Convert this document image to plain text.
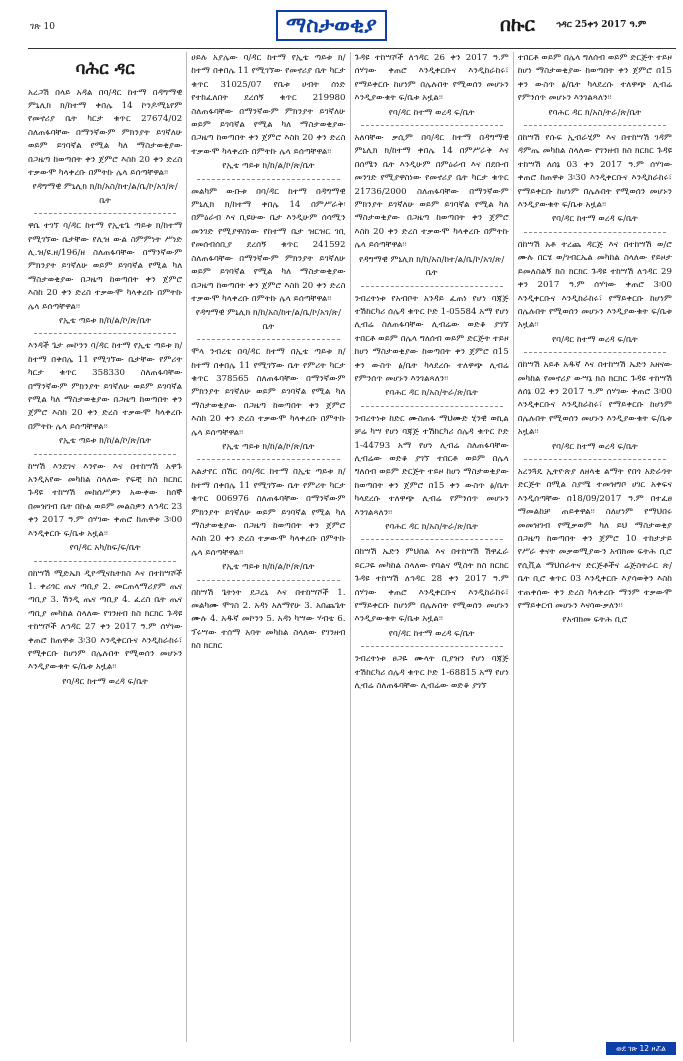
ገጽ 10	ማስታወቂያ	በኩር ኅዳር 25ቀን 2017 ዓ.ም
ባሕር ዳር
አረጋሽ በላይ አዳል በባ/ዳር ከተማ በዳግማዊ ምኒሊክ ክ/ከተማ ቀበሌ 14 ኮንዶሚኒየም የመኖሪያ ቤት ካርታ ቁጥር 27674/02 ስለጠፋባቸው በማንኛውም ምክንያት ይገኛለሁ ወይም ይገባኛል የሚል ካለ ማስታወቂያው በጋዜጣ ከወጣበት ቀን ጀምሮ እስከ 20 ቀን ድረስ ተቃውሞ ካላቀረቡ በምትኩ ሌላ ይሰጣቸዋል፡፡
የዳግማዊ ምኒሊክ ክ/ከ/አስ/ከተ/ል/ቤ/ኮ/አገ/ጽ/ቤት
ዋሴ ተገኘ ባ/ዳር ከተማ የኢቴጌ ጣይቱ ክ/ከተማ የሚገኘው ቤታቸው የሊዝ ውል ስምምነት ሥነድ ሊ.ዝ/ዩ.ዘ/196/ዘ ስለጠፋባቸው በማንኛውም ምክንያት ይገኛለሁ ወይም ይገባኛል የሚል ካለ ማስታወቂያው በጋዜጣ ከወጣበት ቀን ጀምሮ እስከ 20 ቀን ድረስ ተቃውሞ ካላቀረቡ በምትኩ ሌላ ይሰጣቸዋል፡፡
የኢቴ ጣይቱ ክ/ከ/ል/ኮ/ጽ/ቤት
እንዳች ጌታ መኮንን ባ/ዳር ከተማ የኢቴ ጣይቱ ክ/ከተማ በቀበሌ 11 የሚገኘው ቤታቸው የምሪት ካርታ ቁጥር 358330 ስለጠፋባቸው በማንኛውም ምክንያት ይገኛለሁ ወይም ይገባኛል የሚል ካለ ማስታወቂያው በጋዜጣ ከወጣበት ቀን ጀምሮ እስከ 20 ቀን ድረስ ተቃውሞ ካላቀረቡ በምትኩ ሌላ ይሰጣቸዋል፡፡
የኢቴ ጣይቱ ክ/ከ/ል/ኮ/ጽ/ቤት
ከሣሽ እንደገና እንየው እና በተከሣሽ አዋጉ አንዲአየው መካከል ስላለው የፍቺ ክስ ክርክር ጉዳዩ ተከሣሽ መከሰሥዎን አውቀው ከሰኞ በመዝገብ ቤት በኩል ወይም መልስዎን ለኅዳር 23 ቀን 2017 ዓ.ም ሰሃገው ቀጠሮ ከጠዋቱ 3፡00 እንዲቀርቡ ፍ/ቤቱ አዟል፡፡
የባ/ዳር አካ/ከፍ/ፍ/ቤት
በከሣሽ ሚድኤክ ዲዮሚናኬትክስ እና በተከሣሾች 1. ቀሪጎር ጤና ጣቢያ 2. መርጠላማሪያም ጤና ጣቢያ 3. ሽንዲ ጤና ጣቢያ 4. ፈረስ ቤት ጤና ጣቢያ መካከል ስላለው የገንዘብ ክስ ክርክር ጉዳዩ ተከሣሾች ለኅዳር 27 ቀን 2017 ዓ.ም ሰሃገው ቀጠሮ ከጠዋቱ 3፡30 እንዲቀርቡና እንዲከራከሩ፣ የሚቀርቡ ከሆነም በሌሉበት የሚወሰን መሆኑን እንዲያውቁት ፍ/ቤቱ አዟል፡፡
የባ/ዳር ከተማ ወረዳ ፍ/ቤት
ሀይሉ አያሌው ባ/ዳር ከተማ የኢቴ ጣይቱ ክ/ከተማ በቀበሌ 11 የሚገኘው የመኖሪያ ቤት ካርታ ቁጥር 31025/07 የቤቱ ሀብት ሰነድ የተከፈለበት ደረሰኝ ቁጥር 219980 ስለጠፋባቸው በማንኛውም ምክንያት ይገኛለሁ ወይም ይገባኛል የሚል ካለ ማስታወቂያው በጋዜጣ ከወጣበት ቀን ጀምሮ እስከ 20 ቀን ድረስ ተቃውሞ ካላቀረቡ በምትኩ ሌላ ይሰጣቸዋል፡፡
የኢቴ ጣይቱ ክ/ከ/ል/ኮ/ጽ/ቤት
መልካም ውቡቱ በባ/ዳር ከተማ በዳግማዊ ምኒሊክ ክ/ከተማ ቀበሌ 14 በምሥራቅ፡ በምዕራብ እና ቢዩሁው ቤታ እንዲሁም ሰሳሚን መንገድ የሚያዋስነው የከተማ ቤታ ዝርዝር ገቢ የመሰብሰቢያ ደረሰኝ ቁጥር 241592 ስለጠፋባቸው በማንኛውም ምክንያት ይገኛለሁ ወይም ይገባኛል የሚል ካለ ማስታወቂያው በጋዜጣ ከወጣበት ቀን ጀምሮ እስከ 20 ቀን ድረስ ተቃውሞ ካላቀረቡ በምትኩ ሌላ ይሰጣቸዋል፡፡
የዳግማዊ ምኒሊክ ክ/ከ/አስ/ከተ/ል/ቤ/ኮ/አገ/ጽ/ቤት
ሞላ ንብረቴ በባ/ዳር ከተማ በኢቴ ጣይቱ ክ/ከተማ በቀበሌ 11 የሚገኘው ቤት የምሪት ካርታ ቁጥር 378565 ስለጠፋባቸው በማንኛውም ምክንያት ይገኛለሁ ወይም ይገባኛል የሚል ካለ ማስታወቂያው በጋዜጣ ከወጣበት ቀን ጀምሮ እስከ 20 ቀን ድረስ ተቃውሞ ካላቀረቡ በምትኩ ሌላ ይሰጣቸዋል፡፡
የኢቴ ጣይቱ ክ/ከ/ል/ኮ/ጽ/ቤት
አልታየር በሽር በባ/ዳር ከተማ በኢቴ ጣይቱ ክ/ከተማ በቀበሌ 11 የሚገኘው ቤት የምሪት ካርታ ቁጥር 006976 ስለጠፋባቸው በማንኛውም ምክንያት ይገኛለሁ ወይም ይገባኛል የሚል ካለ ማስታወቂያው በጋዜጣ ከወጣበት ቀን ጀምሮ እስከ 20 ቀን ድረስ ተቃውሞ ካላቀረቡ በምትኩ ሌላ ይሰጣቸዋል፡፡
የኢቴ ጣይቱ ክ/ከ/ል/ኮ/ጽ/ቤት
በከሣሽ ጌትነት ደጋረኒ እና በተከሣሾች 1. መልካሙ ሞገስ 2. አዳነ አለማየሁ 3. አበጨጌት ሙሉ 4. አዱኛ መኮንን 5. አዳነ ካሣው ሃብቴ 6. ፕሩሣው ተሰማ አባት መካከል ስላለው የገንዘብ ክስ ክርክር
ጉዳዩ ተከሣሾች ለኅዳር 26 ቀን 2017 ዓ.ም ሰሃገው ቀጠሮ እንዲቀርቡና እንዲከራከሩ፣ የማይቀርቡ ከሆነም በሌሉበት የሚወሰን መሆኑን እንዲያውቁት ፍ/ቤቱ አዟል፡፡
የባ/ዳር ከተማ ወረዳ ፍ/ቤት
አለባቸው ቃሲም በባ/ዳር ከተማ በዳግማዊ ምኒሊክ ክ/ከተማ ቀበሌ 14 በምሥራቅ እና በሰሜን ቤት እንዲሁም በምዕራብ እና በደቡብ መንገድ የሚያዋስነው የመኖሪያ ቤት ካርታ ቁጥር 21736/2000 ስለጠፋባቸው በማንኛውም ምክንያት ይገኛለሁ ወይም ይገባኛል የሚል ካለ ማስታወቂያው በጋዜጣ ከወጣበት ቀን ጀምሮ እስከ 20 ቀን ድረስ ተቃውሞ ካላቀረቡ በምትኩ ሌላ ይሰጣቸዋል፡፡
የዳግማዊ ምኒሊክ ክ/ከ/አስ/ከተ/ል/ቤ/ኮ/አገ/ጽ/ቤት
ንብረትነቱ የአብቦት አንዳይ ፈጠነ የሆነ ባጃጅ ተሽከርካሪ ሰሌዳ ቁጥር ኮድ 1-05584 አማ የሆነ ሊብሬ ስለጠፋባቸው ሊብሬው ወድቆ ያገኘ ተበርቶ ወይም በሌላ ግለሰብ ወይም ድርጅት ተይዞ ከሆነ ማስታወቂያው ከወጣበት ቀን ጀምሮ በ15 ቀን ውስጥ ፅ/ቤት ካላደረሱ ተለዋጭ ሊብሬ የምንሰጥ መሆኑን እንገልጻለን፡፡
የባሕር ዳር ክ/አስ/ትራ/ጽ/ቤት
ንብረትነቱ ከድር ሙስጠፋ ማህሙድ ሂንዊ ወኪል ቻሬ ካሣ የሆነ ባጃጅ ተሽከርካሪ ሰሌዳ ቁጥር ኮድ 1-44793 አማ የሆነ ሊብሬ ስለጠፋባቸው ሊብሬው ወድቆ ያገኘ ተበርቶ ወይም በሌላ ግለሰብ ወይም ድርጅት ተይዞ ከሆነ ማስታወቂያው ከወጣበት ቀን ጀምሮ በ15 ቀን ውስጥ ፅ/ቤት ካላደረሱ ተለዋጭ ሊብሬ የምንሰጥ መሆኑን እንገልጻለን፡፡
የባሕር ዳር ክ/አስ/ትራ/ጽ/ቤት
በከሣሽ ኤድን ምህበል እና በተከሣሽ ሽዋፈራ ይርጋዬ መካከል ስላለው የባልና ሚስት ክስ ክርክር ጉዳዩ ተከሣሽ ለኅዳር 28 ቀን 2017 ዓ.ም ሰሃገው ቀጠሮ እንዲቀርቡና እንዲከራከሩ፣ የማይቀርቡ ከሆነም በሌሉበት የሚወሰን መሆኑን እንዲያውቁት ፍ/ቤቱ አዟል፡፡
የባ/ዳር ከተማ ወረዳ ፍ/ቤት
ንብረትነቱ ፀጋዬ ሙላት ቢያዝን የሆነ ባጃጅ ተሽከርካሪ ሰሌዳ ቁጥር ኮድ 1-68815 አማ የሆነ ሊብሬ ስለጠፋባቸው ሊብሬው ወድቆ ያገኘ
ተበርቶ ወይም በሌላ ግለሰብ ወይም ድርጅት ተይዞ ከሆነ ማስታወቂያው ከወጣበት ቀን ጀምሮ በ15 ቀን ውስጥ ፅ/ቤት ካላደረሱ ተለዋጭ ሊብሬ የምንሰጥ መሆኑን እንገልጻለን፡፡
የባሕር ዳር ክ/አስ/ትራ/ጽ/ቤት
በከሣሽ የሱፍ ኢብራሂም እና በተከሣሽ ገዳም ዳምጤ መካከል ስላለው የገንዘብ ክስ ክርክር ጉዳዩ ተከሣሽ ለሰኔ 03 ቀን 2017 ዓ.ም ሰሃገው ቀጠሮ ከጠዋቱ 3፡30 እንዲቀርቡና እንዲከራከሩ፣ የማይቀርቡ ከሆነም በሌሉበት የሚወሰን መሆኑን እንዲያውቁት ፍ/ቤቱ አዟል፡፡
የባ/ዳር ከተማ ወረዳ ፍ/ቤት
በከሣሽ አቶ ተረጨ ዳርጅ እና በተከሣሽ ወ/ሮ ሙሉ በርሄ ወ/ገብርኤል መካከል ስላለው የይዞታ ይመለስልኝ ክስ ክርክር ጉዳዩ ተከሣሽ ለኅዳር 29 ቀን 2017 ዓ.ም ሰሃገው ቀጠሮ 3፡00 እንዲቀርቡና እንዲከራከሩ፣ የማይቀርቡ ከሆነም በሌሉበት የሚወሰን መሆኑን እንዲያውቁት ፍ/ቤቱ አዟል፡፡
የባ/ዳር ከተማ ወረዳ ፍ/ቤት
በከሣሽ አይቶ አዱኛ እና በተከሣሽ ኤድን አዘናው መካከል የመኖሪያ ውሣኔ ክስ ክርክር ጉዳዩ ተከሣሽ ለሰኔ 02 ቀን 2017 ዓ.ም ሰሃገው ቀጠሮ 3፡00 እንዲቀርቡና እንዲከራከሩ፣ የማይቀርቡ ከሆነም በሌሉበት የሚወሰን መሆኑን እንዲያውቁት ፍ/ቤቱ አዟል፡፡
የባ/ዳር ከተማ ወረዳ ፍ/ቤት
አረንጓዴ ኢትዮጵያ ለዘላቂ ልማት የበጎ አድራጎት ድርጅት በሚል ስያሜ ተመዝግቦ ሀገር አቀፍና እንዲሰጣቸው በ18/09/2017 ዓ.ም በተፈፀ ማመልከቻ ጠይቀዋል፡፡ ስለሆነም የማህበሩ መመዝገብ የሚቃወም ካለ ይህ ማስታወቂያ በጋዜጣ ከወጣበት ቀን ጀምሮ 10 ተከታታይ የሥራ ቀናት መቃወሚያውን አብክመ ፍትሕ ቢሮ የሲቪል ማህበራትና ድርጅቶችና ሬጅስትራር ጽ/ቤት ቢሮ ቁጥር 03 እንዲቀርቡ እያሳወቅን እስከ ተጠቀሰው ቀን ድረስ ካላቀረቡ ማንም ተቃውሞ የማይቀርብ መሆኑን እናሳውቃለን፡፡
የአብክመ ፍትሕ ቢሮ
ወደ ገጽ 12 ዞሯል
